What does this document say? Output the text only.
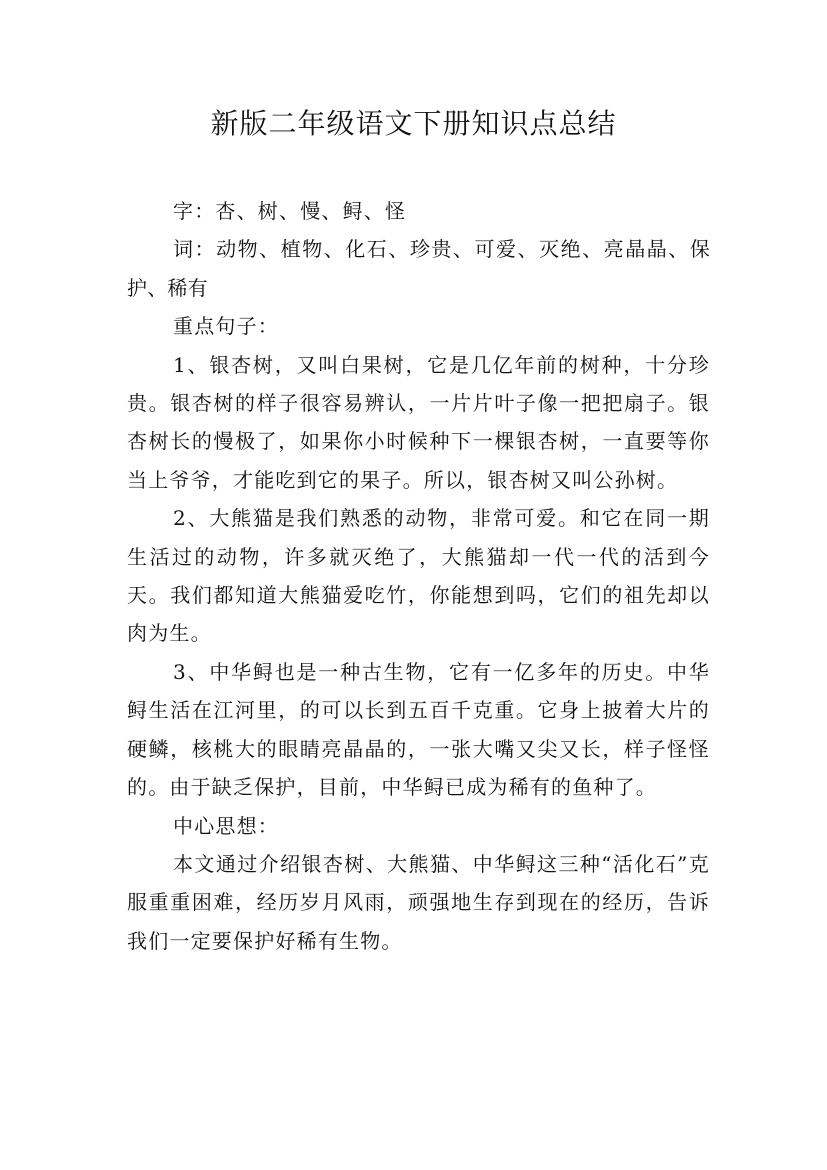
新版二年级语文下册知识点总结

字：杏、树、慢、鲟、怪

词：动物、植物、化石、珍贵、可爱、灭绝、亮晶晶、保护、稀有

重点句子：

1、银杏树，又叫白果树，它是几亿年前的树种，十分珍贵。银杏树的样子很容易辨认，一片片叶子像一把把扇子。银杏树长的慢极了，如果你小时候种下一棵银杏树，一直要等你当上爷爷，才能吃到它的果子。所以，银杏树又叫公孙树。

2、大熊猫是我们熟悉的动物，非常可爱。和它在同一期生活过的动物，许多就灭绝了，大熊猫却一代一代的活到今天。我们都知道大熊猫爱吃竹，你能想到吗，它们的祖先却以肉为生。

3、中华鲟也是一种古生物，它有一亿多年的历史。中华鲟生活在江河里，的可以长到五百千克重。它身上披着大片的硬鳞，核桃大的眼睛亮晶晶的，一张大嘴又尖又长，样子怪怪的。由于缺乏保护，目前，中华鲟已成为稀有的鱼种了。

中心思想：

本文通过介绍银杏树、大熊猫、中华鲟这三种“活化石”克服重重困难，经历岁月风雨，顽强地生存到现在的经历，告诉我们一定要保护好稀有生物。
